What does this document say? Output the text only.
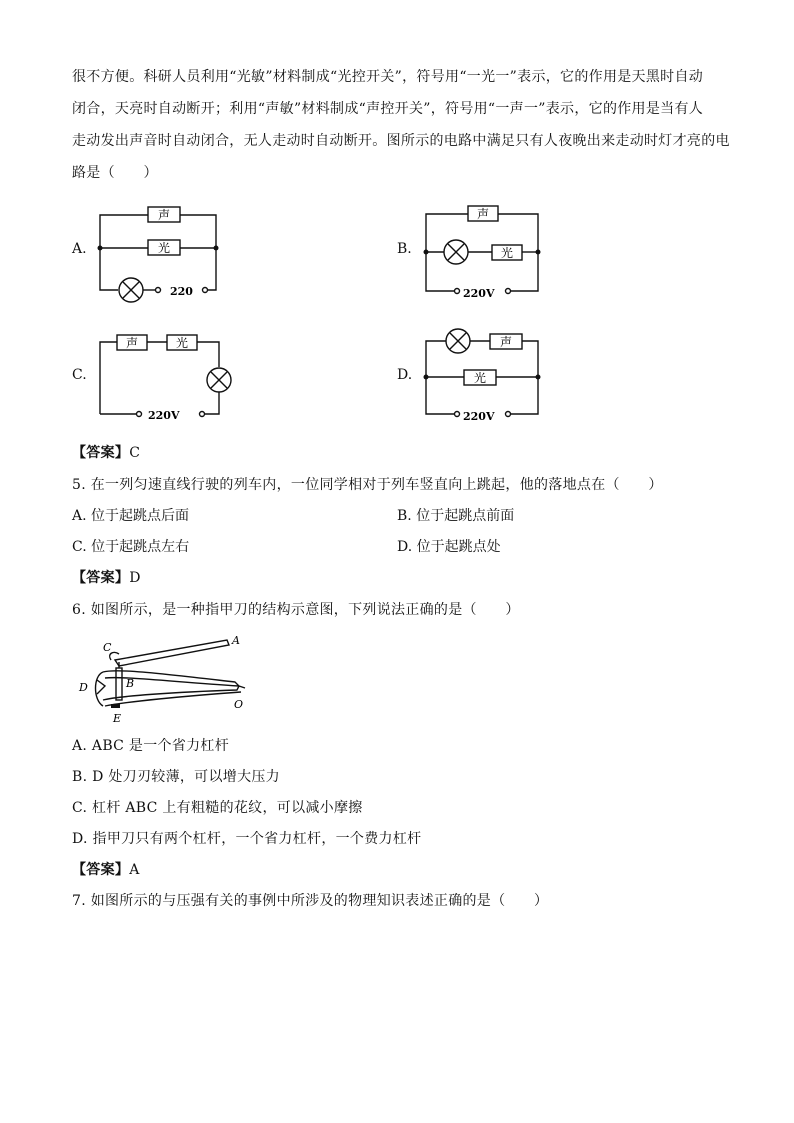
很不方便。科研人员利用“光敏”材料制成“光控开关”，符号用“一光一”表示，它的作用是天黑时自动
闭合，天亮时自动断开；利用“声敏”材料制成“声控开关”，符号用“一声一”表示，它的作用是当有人
走动发出声音时自动闭合，无人走动时自动断开。图所示的电路中满足只有人夜晚出来走动时灯才亮的电
路是（　　）
A.	B.
C.	D.
声
光
220
声
光
220V
声	光
220V
声
光
220V
【答案】C
5. 在一列匀速直线行驶的列车内，一位同学相对于列车竖直向上跳起，他的落地点在（　　）
A. 位于起跳点后面	B. 位于起跳点前面
C. 位于起跳点左右	D. 位于起跳点处
【答案】D
6. 如图所示，是一种指甲刀的结构示意图，下列说法正确的是（　　）
A
B
C
D
E
O
A. ABC 是一个省力杠杆
B. D 处刀刃较薄，可以增大压力
C. 杠杆 ABC 上有粗糙的花纹，可以减小摩擦
D. 指甲刀只有两个杠杆，一个省力杠杆，一个费力杠杆
【答案】A
7. 如图所示的与压强有关的事例中所涉及的物理知识表述正确的是（　　）
